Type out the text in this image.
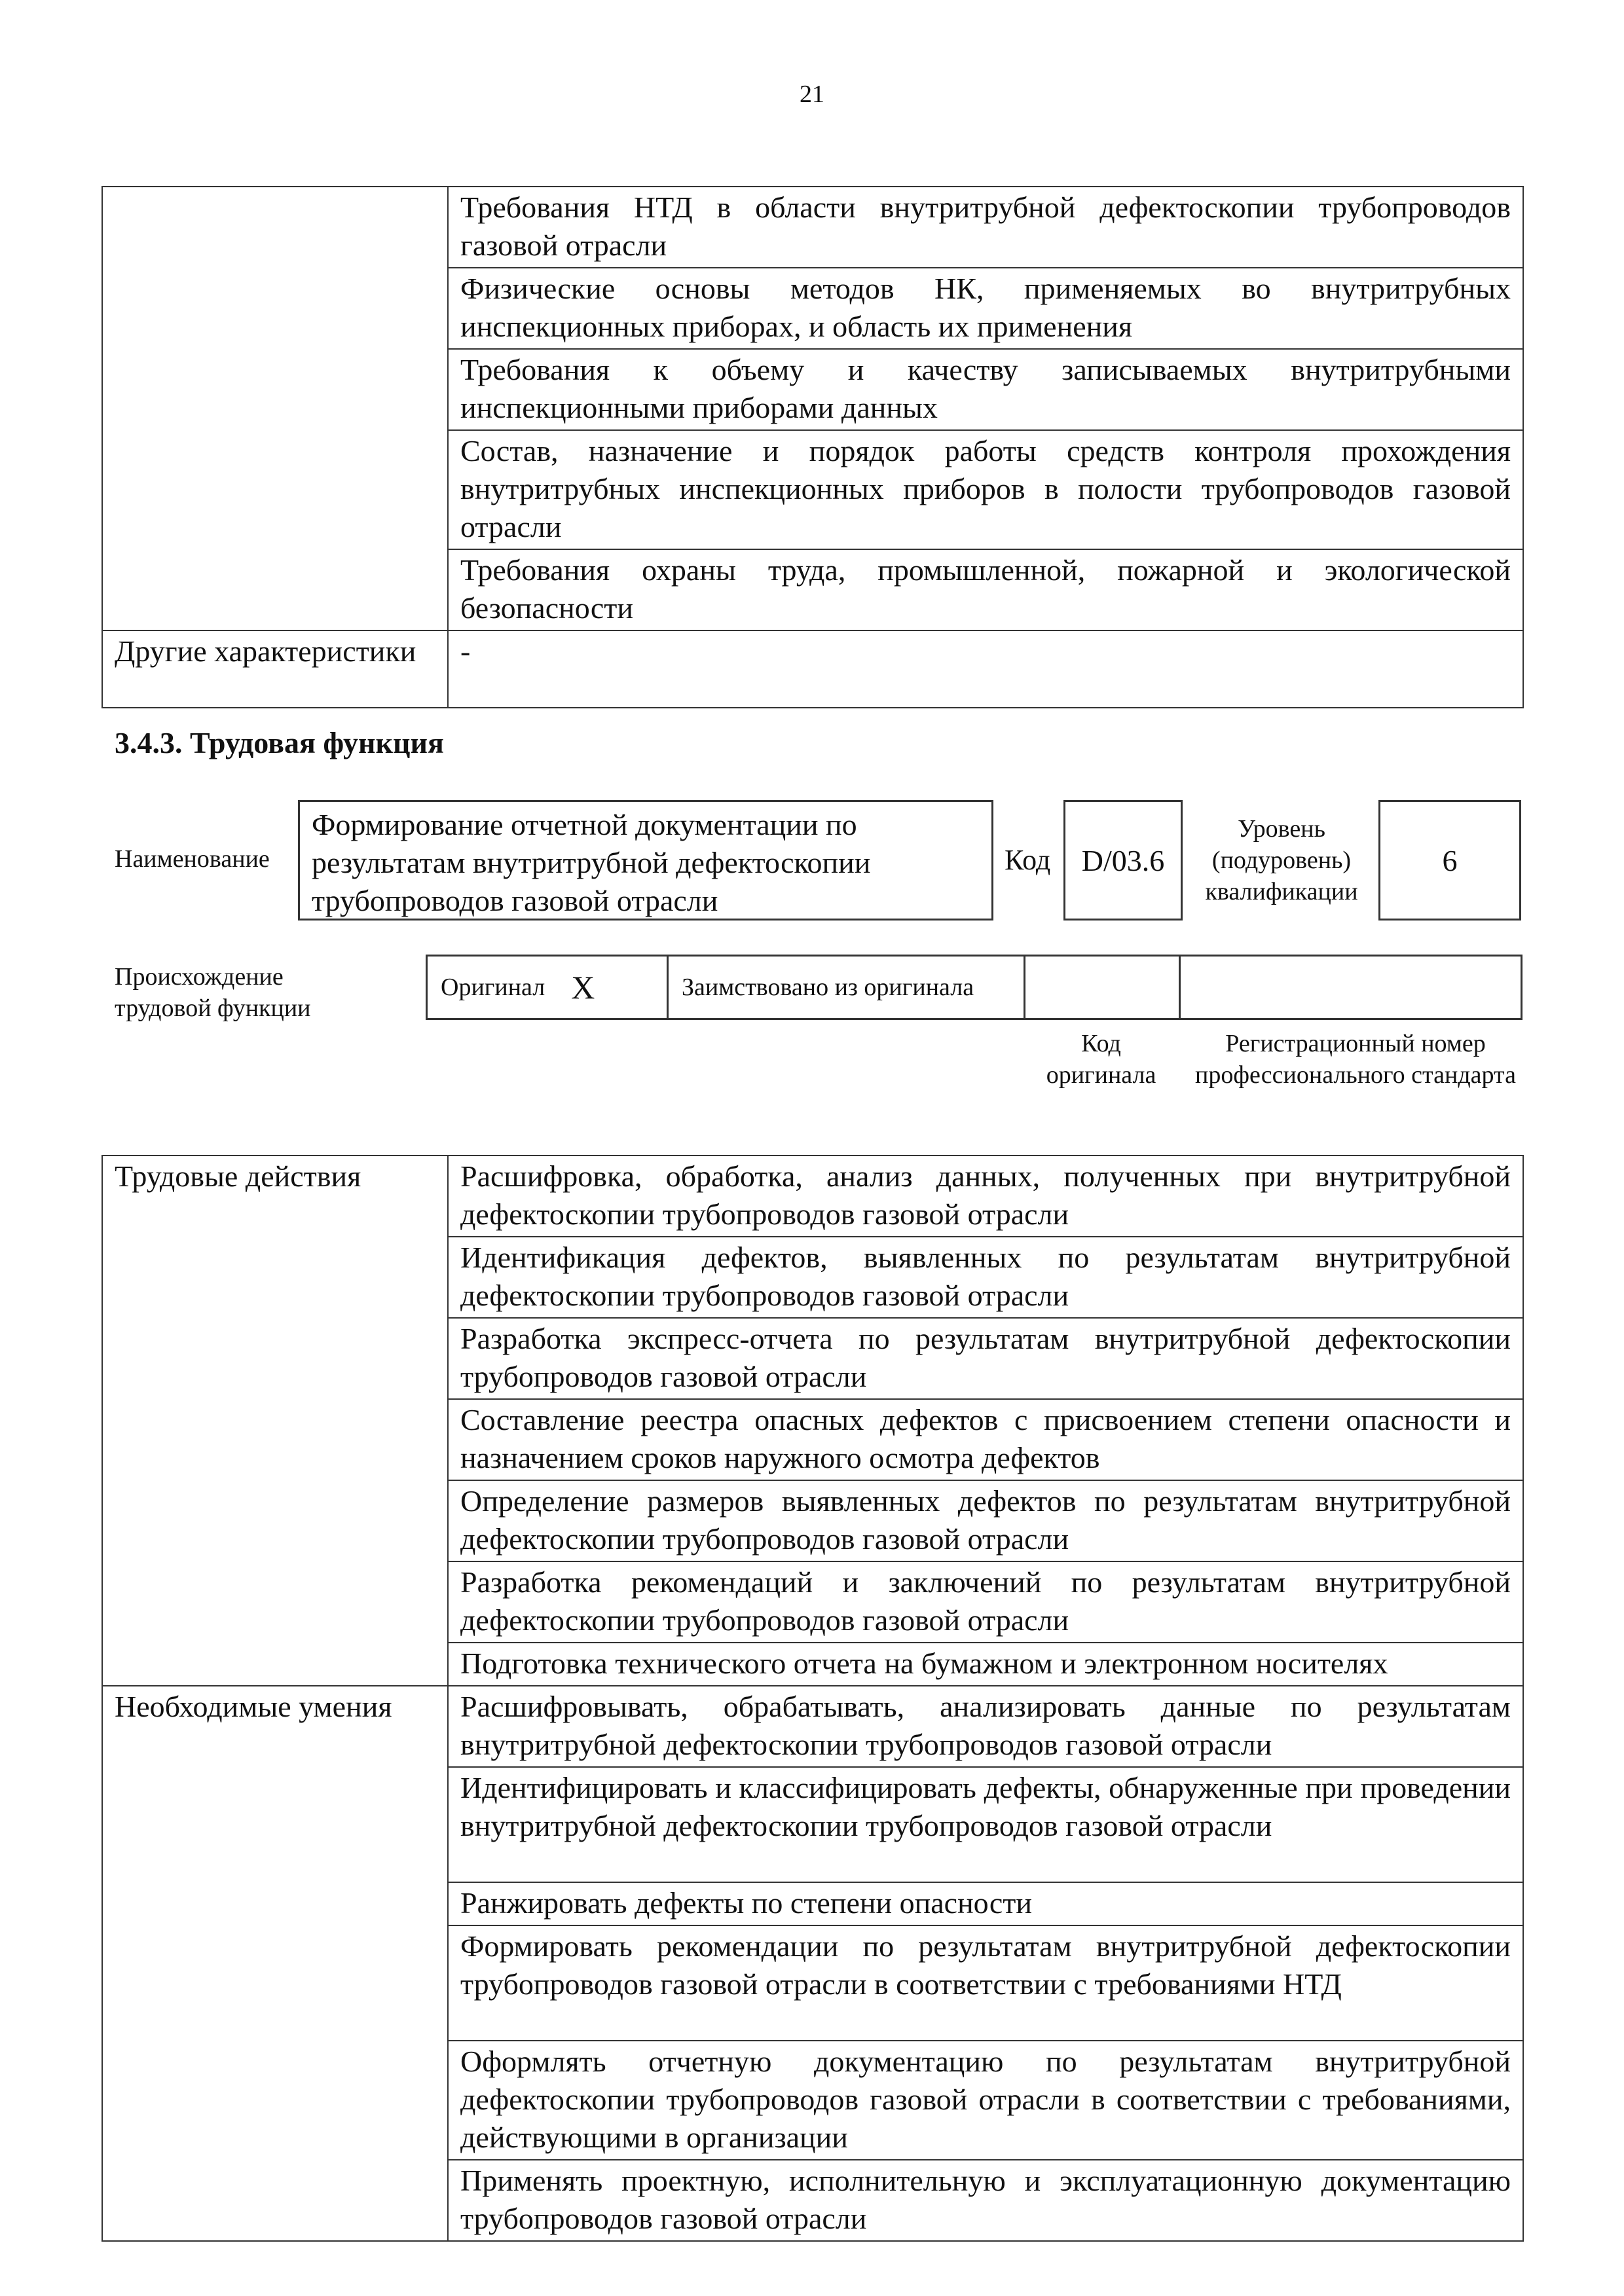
21
	Требования НТД в области внутритрубной дефектоскопии трубопроводов газовой отрасли
	Физические основы методов НК, применяемых во внутритрубных инспекционных приборах, и область их применения
	Требования к объему и качеству записываемых внутритрубными инспекционными приборами данных
	Состав, назначение и порядок работы средств контроля прохождения внутритрубных инспекционных приборов в полости трубопроводов газовой отрасли
	Требования охраны труда, промышленной, пожарной и экологической безопасности
Другие характеристики	-
3.4.3. Трудовая функция
Наименование
Формирование отчетной документации по результатам внутритрубной дефектоскопии трубопроводов газовой отрасли
Код D/03.6
Уровень (подуровень) квалификации
6
Происхождение трудовой функции
Оригинал X	Заимствовано из оригинала
Код оригинала
Регистрационный номер профессионального стандарта
Трудовые действия	Расшифровка, обработка, анализ данных, полученных при внутритрубной дефектоскопии трубопроводов газовой отрасли
	Идентификация дефектов, выявленных по результатам внутритрубной дефектоскопии трубопроводов газовой отрасли
	Разработка экспресс-отчета по результатам внутритрубной дефектоскопии трубопроводов газовой отрасли
	Составление реестра опасных дефектов с присвоением степени опасности и назначением сроков наружного осмотра дефектов
	Определение размеров выявленных дефектов по результатам внутритрубной дефектоскопии трубопроводов газовой отрасли
	Разработка рекомендаций и заключений по результатам внутритрубной дефектоскопии трубопроводов газовой отрасли
	Подготовка технического отчета на бумажном и электронном носителях
Необходимые умения	Расшифровывать, обрабатывать, анализировать данные по результатам внутритрубной дефектоскопии трубопроводов газовой отрасли
	Идентифицировать и классифицировать дефекты, обнаруженные при проведении внутритрубной дефектоскопии трубопроводов газовой отрасли
	Ранжировать дефекты по степени опасности
	Формировать рекомендации по результатам внутритрубной дефектоскопии трубопроводов газовой отрасли в соответствии с требованиями НТД
	Оформлять отчетную документацию по результатам внутритрубной дефектоскопии трубопроводов газовой отрасли в соответствии с требованиями, действующими в организации
	Применять проектную, исполнительную и эксплуатационную документацию трубопроводов газовой отрасли
